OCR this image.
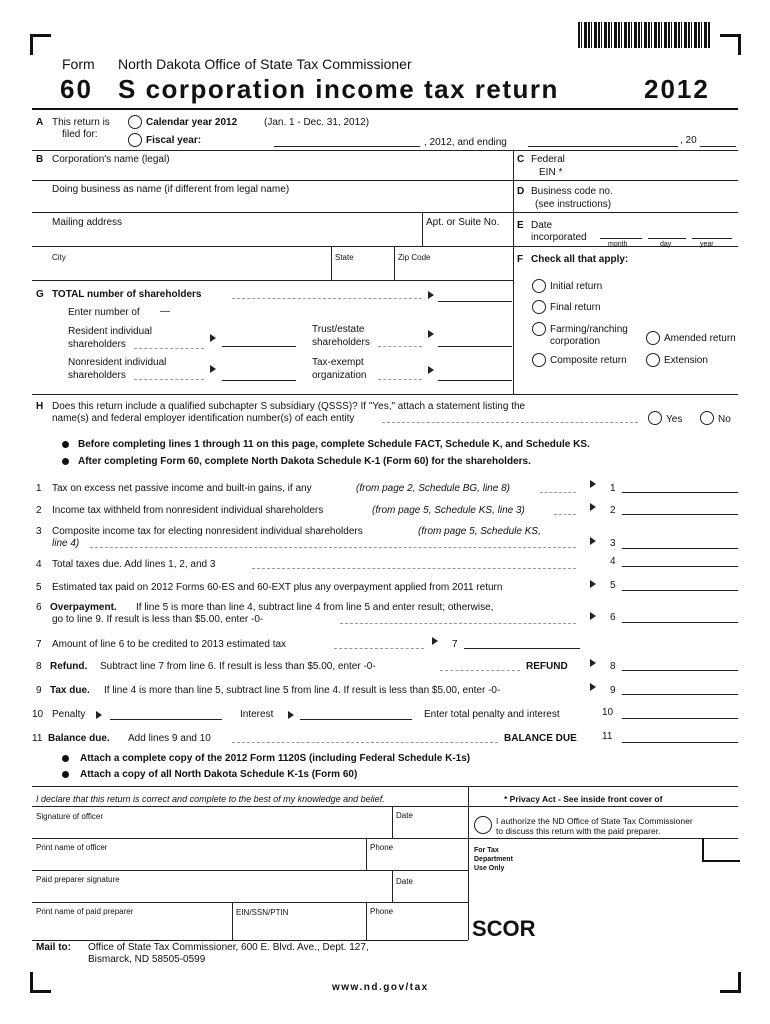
Form North Dakota Office of State Tax Commissioner
60 S corporation income tax return	2012
A This return is
filed for:
Calendar year 2012	(Jan. 1 - Dec. 31, 2012)
Fiscal year:	, 2012, and ending	, 20
B Corporation's name (legal)
Doing business as name (if different from legal name)
Mailing address	Apt. or Suite No.
City	State	Zip Code
C Federal
EIN *
D Business code no.
(see instructions)
E Date
incorporated
month	day	year
F Check all that apply:
Initial return
Final return
Farming/ranching
corporation	Amended return
Composite return	Extension
G TOTAL number of shareholders
Enter number of —
Resident individual
shareholders
Trust/estate
shareholders
Nonresident individual
shareholders
Tax-exempt
organization
H Does this return include a qualified subchapter S subsidiary (QSSS)? If "Yes," attach a statement listing the
name(s) and federal employer identification number(s) of each entity	Yes	No
Before completing lines 1 through 11 on this page, complete Schedule FACT, Schedule K, and Schedule KS.
After completing Form 60, complete North Dakota Schedule K-1 (Form 60) for the shareholders.
1 Tax on excess net passive income and built-in gains, if any	(from page 2, Schedule BG, line 8)	1
2 Income tax withheld from nonresident individual shareholders	(from page 5, Schedule KS, line 3)	2
3 Composite income tax for electing nonresident individual shareholders	(from page 5, Schedule KS,
line 4)	3
4 Total taxes due. Add lines 1, 2, and 3	4
5 Estimated tax paid on 2012 Forms 60-ES and 60-EXT plus any overpayment applied from 2011 return	5
6 Overpayment. If line 5 is more than line 4, subtract line 4 from line 5 and enter result; otherwise,
go to line 9. If result is less than $5.00, enter -0-	6
7 Amount of line 6 to be credited to 2013 estimated tax	7
8 Refund. Subtract line 7 from line 6. If result is less than $5.00, enter -0-	REFUND	8
9 Tax due. If line 4 is more than line 5, subtract line 5 from line 4. If result is less than $5.00, enter -0-	9
10 Penalty	Interest	Enter total penalty and interest	10
11 Balance due. Add lines 9 and 10	BALANCE DUE	11
Attach a complete copy of the 2012 Form 1120S (including Federal Schedule K-1s)
Attach a copy of all North Dakota Schedule K-1s (Form 60)
I declare that this return is correct and complete to the best of my knowledge and belief.	* Privacy Act - See inside front cover of
Signature of officer	Date
I authorize the ND Office of State Tax Commissioner
to discuss this return with the paid preparer.
Print name of officer	Phone	For Tax
Department
Use Only
Paid preparer signature	Date
Print name of paid preparer	EIN/SSN/PTIN	Phone
SCOR
Mail to: Office of State Tax Commissioner, 600 E. Blvd. Ave., Dept. 127,
Bismarck, ND 58505-0599
www.nd.gov/tax
